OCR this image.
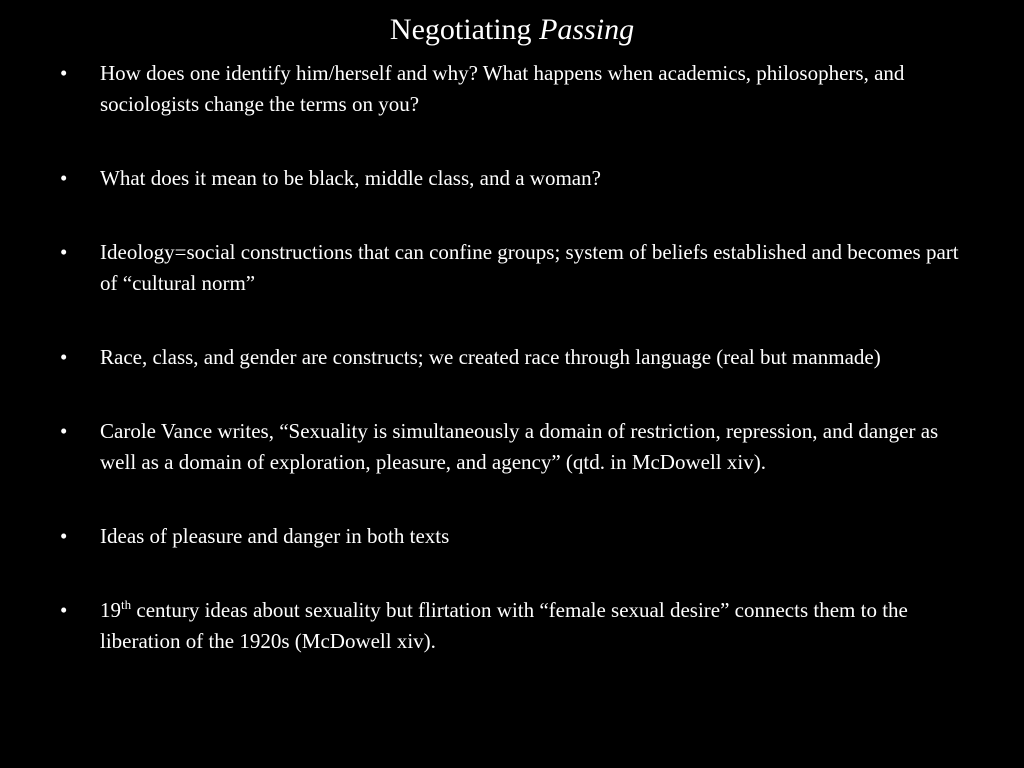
Negotiating Passing
• How does one identify him/herself and why? What happens when academics, philosophers, and sociologists change the terms on you?
• What does it mean to be black, middle class, and a woman?
• Ideology=social constructions that can confine groups; system of beliefs established and becomes part of “cultural norm”
• Race, class, and gender are constructs; we created race through language (real but manmade)
• Carole Vance writes, “Sexuality is simultaneously a domain of restriction, repression, and danger as well as a domain of exploration, pleasure, and agency” (qtd. in McDowell xiv).
• Ideas of pleasure and danger in both texts
• 19th century ideas about sexuality but flirtation with “female sexual desire” connects them to the liberation of the 1920s (McDowell xiv).
